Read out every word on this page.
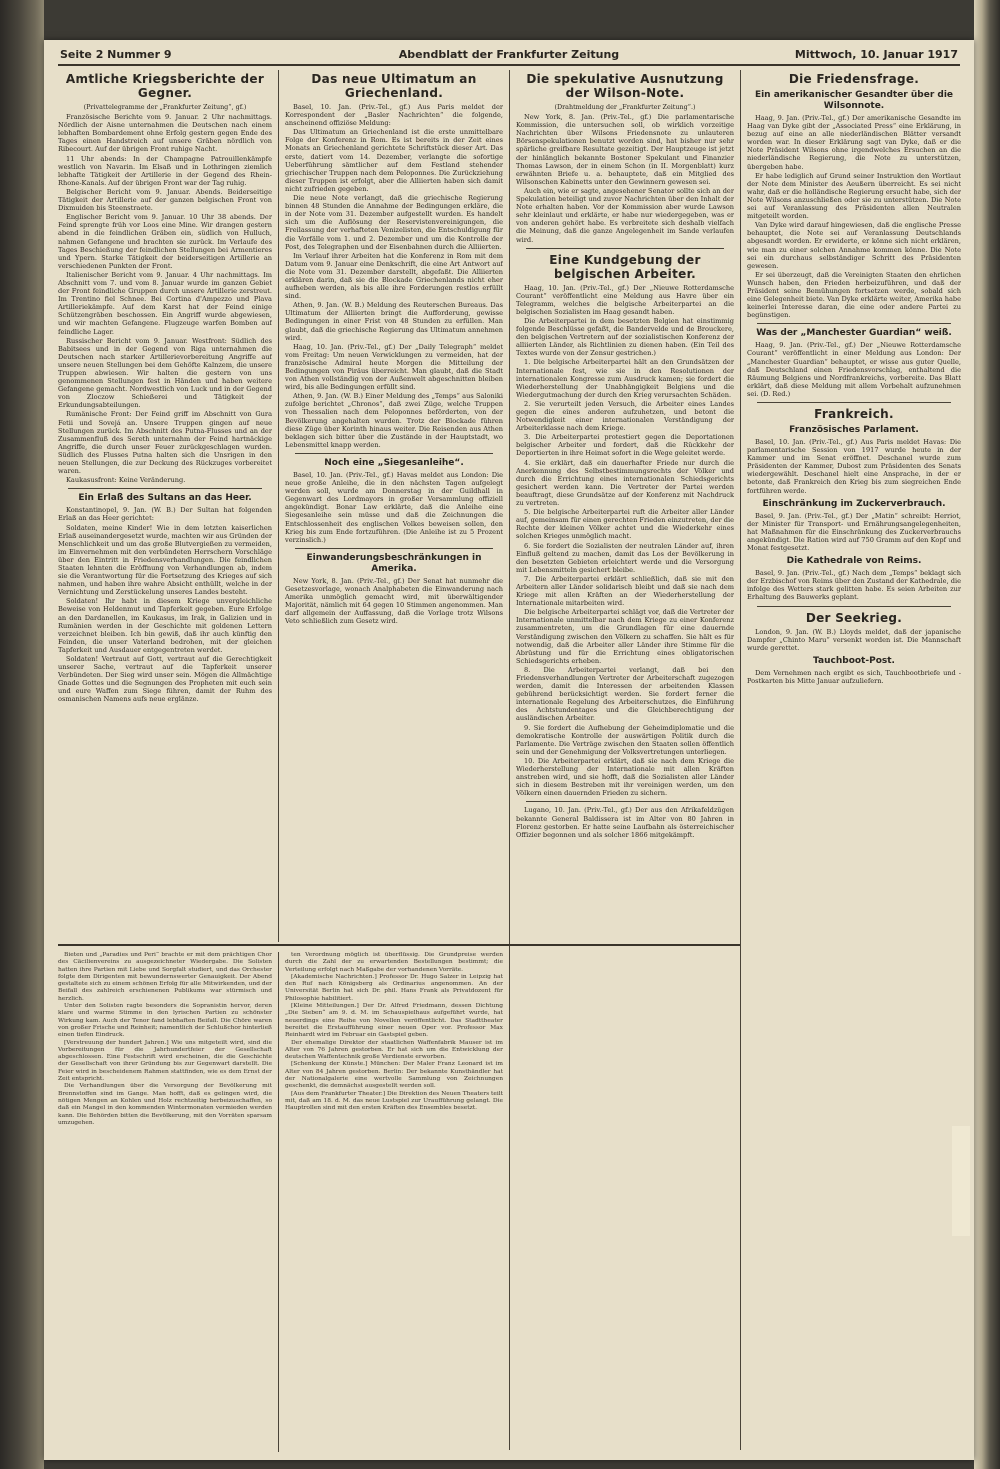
Seite 2 Nummer 9	Abendblatt der Frankfurter Zeitung	Mittwoch, 10. Januar 1917
Amtliche Kriegsberichte der Gegner.
(Privattelegramme der „Frankfurter Zeitung“, gf.)

Französische Berichte vom 9. Januar. 2 Uhr nachmittags. Nördlich der Aisne unternahmen die Deutschen nach einem lebhaften Bombardement ohne Erfolg gestern gegen Ende des Tages einen Handstreich auf unsere Gräben nördlich von Ribecourt. Auf der übrigen Front ruhige Nacht.

11 Uhr abends: In der Champagne Patrouillenkämpfe westlich von Navarin. Im Elsaß und in Lothringen ziemlich lebhafte Tätigkeit der Artillerie in der Gegend des Rhein-Rhone-Kanals. Auf der übrigen Front war der Tag ruhig.

Belgischer Bericht vom 9. Januar. Abends. Beiderseitige Tätigkeit der Artillerie auf der ganzen belgischen Front von Dixmuiden bis Steenstraete.

Englischer Bericht vom 9. Januar. 10 Uhr 38 abends. Der Feind sprengte früh vor Loos eine Mine. Wir drangen gestern abend in die feindlichen Gräben ein, südlich von Hulluch, nahmen Gefangene und brachten sie zurück. Im Verlaufe des Tages Beschießung der feindlichen Stellungen bei Armentieres und Ypern. Starke Tätigkeit der beiderseitigen Artillerie an verschiedenen Punkten der Front.

Italienischer Bericht vom 9. Januar. 4 Uhr nachmittags. Im Abschnitt vom 7. und vom 8. Januar wurde im ganzen Gebiet der Front feindliche Gruppen durch unsere Artillerie zerstreut. Im Trentino fiel Schnee. Bei Cortina d'Ampezzo und Plava Artilleriekämpfe. Auf dem Karst hat der Feind einige Schützengräben beschossen. Ein Angriff wurde abgewiesen, und wir machten Gefangene. Flugzeuge warfen Bomben auf feindliche Lager.

Russischer Bericht vom 9. Januar. Westfront: Südlich des Babitsees und in der Gegend von Riga unternahmen die Deutschen nach starker Artillerievorbereitung Angriffe auf unsere neuen Stellungen bei dem Gehöfte Kalnzem, die unsere Truppen abwiesen. Wir halten die gestern von uns genommenen Stellungen fest in Händen und haben weitere Gefangene gemacht. Nordwestlich von Luck und in der Gegend von Zloczow Schießerei und Tätigkeit der Erkundungsabteilungen.

Rumänische Front: Der Feind griff im Abschnitt von Gura Fetii und Sovejá an. Unsere Truppen gingen auf neue Stellungen zurück. Im Abschnitt des Putna-Flusses und an der Zusammenfluß des Sereth unternahm der Feind hartnäckige Angriffe, die durch unser Feuer zurückgeschlagen wurden. Südlich des Flusses Putna halten sich die Unsrigen in den neuen Stellungen, die zur Deckung des Rückzuges vorbereitet waren.

Kaukasusfront: Keine Veränderung.

Ein Erlaß des Sultans an das Heer.

Konstantinopel, 9. Jan. (W. B.) Der Sultan hat folgenden Erlaß an das Heer gerichtet:

Soldaten, meine Kinder! Wie in dem letzten kaiserlichen Erlaß auseinandergesetzt wurde, machten wir aus Gründen der Menschlichkeit und um das große Blutvergießen zu vermeiden, im Einvernehmen mit den verbündeten Herrschern Vorschläge über den Eintritt in Friedensverhandlungen. Die feindlichen Staaten lehnten die Eröffnung von Verhandlungen ab, indem sie die Verantwortung für die Fortsetzung des Krieges auf sich nahmen, und haben ihre wahre Absicht enthüllt, welche in der Vernichtung und Zerstückelung unseres Landes besteht.

Soldaten! Ihr habt in diesem Kriege unvergleichliche Beweise von Heldenmut und Tapferkeit gegeben. Eure Erfolge an den Dardanellen, im Kaukasus, im Irak, in Galizien und in Rumänien werden in der Geschichte mit goldenen Lettern verzeichnet bleiben. Ich bin gewiß, daß ihr auch künftig den Feinden, die unser Vaterland bedrohen, mit der gleichen Tapferkeit und Ausdauer entgegentreten werdet.

Soldaten! Vertraut auf Gott, vertraut auf die Gerechtigkeit unserer Sache, vertraut auf die Tapferkeit unserer Verbündeten. Der Sieg wird unser sein. Mögen die Allmächtige Gnade Gottes und die Segnungen des Propheten mit euch sein und eure Waffen zum Siege führen, damit der Ruhm des osmanischen Namens aufs neue erglänze.

Das neue Ultimatum an Griechenland.

Basel, 10. Jan. (Priv.-Tel., gf.) Aus Paris meldet der Korrespondent der „Basler Nachrichten“ die folgende, anscheinend offiziöse Meldung:

Das Ultimatum an Griechenland ist die erste unmittelbare Folge der Konferenz in Rom. Es ist bereits in der Zeit eines Monats an Griechenland gerichtete Schriftstück dieser Art. Das erste, datiert vom 14. Dezember, verlangte die sofortige Ueberführung sämtlicher auf dem Festland stehender griechischer Truppen nach dem Peloponnes. Die Zurückziehung dieser Truppen ist erfolgt, aber die Alliierten haben sich damit nicht zufrieden gegeben.

Die neue Note verlangt, daß die griechische Regierung binnen 48 Stunden die Annahme der Bedingungen erkläre, die in der Note vom 31. Dezember aufgestellt wurden. Es handelt sich um die Auflösung der Reservistenvereinigungen, die Freilassung der verhafteten Venizelisten, die Entschuldigung für die Vorfälle vom 1. und 2. Dezember und um die Kontrolle der Post, des Telegraphen und der Eisenbahnen durch die Alliierten.

Im Verlauf ihrer Arbeiten hat die Konferenz in Rom mit dem Datum vom 9. Januar eine Denkschrift, die eine Art Antwort auf die Note vom 31. Dezember darstellt, abgefaßt. Die Alliierten erklären darin, daß sie die Blockade Griechenlands nicht eher aufheben werden, als bis alle ihre Forderungen restlos erfüllt sind.

Athen, 9. Jan. (W. B.) Meldung des Reuterschen Bureaus. Das Ultimatum der Alliierten bringt die Aufforderung, gewisse Bedingungen in einer Frist von 48 Stunden zu erfüllen. Man glaubt, daß die griechische Regierung das Ultimatum annehmen wird.

Haag, 10. Jan. (Priv.-Tel., gf.) Der „Daily Telegraph“ meldet vom Freitag: Um neuen Verwicklungen zu vermeiden, hat der französische Admiral heute Morgen die Mitteilung der Bedingungen von Piräus überreicht. Man glaubt, daß die Stadt von Athen vollständig von der Außenwelt abgeschnitten bleiben wird, bis alle Bedingungen erfüllt sind.

Athen, 9. Jan. (W. B.) Einer Meldung des „Temps“ aus Saloniki zufolge berichtet „Chronos“, daß zwei Züge, welche Truppen von Thessalien nach dem Peloponnes beförderten, von der Bevölkerung angehalten wurden. Trotz der Blockade führen diese Züge über Korinth hinaus weiter. Die Reisenden aus Athen beklagen sich bitter über die Zustände in der Hauptstadt, wo Lebensmittel knapp werden.

Noch eine „Siegesanleihe“.

Basel, 10. Jan. (Priv.-Tel., gf.) Havas meldet aus London: Die neue große Anleihe, die in den nächsten Tagen aufgelegt werden soll, wurde am Donnerstag in der Guildhall in Gegenwart des Lordmayors in großer Versammlung offiziell angekündigt. Bonar Law erklärte, daß die Anleihe eine Siegesanleihe sein müsse und daß die Zeichnungen die Entschlossenheit des englischen Volkes beweisen sollen, den Krieg bis zum Ende fortzuführen. (Die Anleihe ist zu 5 Prozent verzinslich.)

Einwanderungsbeschränkungen in Amerika.

New York, 8. Jan. (Priv.-Tel., gf.) Der Senat hat nunmehr die Gesetzesvorlage, wonach Analphabeten die Einwanderung nach Amerika unmöglich gemacht wird, mit überwältigender Majorität, nämlich mit 64 gegen 10 Stimmen angenommen. Man darf allgemein der Auffassung, daß die Vorlage trotz Wilsons Veto schließlich zum Gesetz wird.

Die spekulative Ausnutzung der Wilson-Note.
(Drahtmeldung der „Frankfurter Zeitung“.)

New York, 8. Jan. (Priv.-Tel., gf.) Die parlamentarische Kommission, die untersuchen soll, ob wirklich vorzeitige Nachrichten über Wilsons Friedensnote zu unlauteren Börsenspekulationen benutzt worden sind, hat bisher nur sehr spärliche greifbare Resultate gezeitigt. Der Hauptzeuge ist jetzt der hinlänglich bekannte Bostoner Spekulant und Finanzier Thomas Lawson, der in einem Schon (in II. Morgenblatt) kurz erwähnten Briefe u. a. behauptete, daß ein Mitglied des Wilsonschen Kabinetts unter den Gewinnern gewesen sei.

Auch ein, wie er sagte, angesehener Senator sollte sich an der Spekulation beteiligt und zuvor Nachrichten über den Inhalt der Note erhalten haben. Vor der Kommission aber wurde Lawson sehr kleinlaut und erklärte, er habe nur wiedergegeben, was er von anderen gehört habe. Es verbreitete sich deshalb vielfach die Meinung, daß die ganze Angelegenheit im Sande verlaufen wird.

Eine Kundgebung der belgischen Arbeiter.

Haag, 10. Jan. (Priv.-Tel., gf.) Der „Nieuwe Rotterdamsche Courant“ veröffentlicht eine Meldung aus Havre über ein Telegramm, welches die belgische Arbeiterpartei an die belgischen Sozialisten im Haag gesandt haben.

Die Arbeiterpartei in dem besetzten Belgien hat einstimmig folgende Beschlüsse gefaßt, die Bandervelde und de Brouckere, den belgischen Vertretern auf der sozialistischen Konferenz der alliierten Länder, als Richtlinien zu dienen haben. (Ein Teil des Textes wurde von der Zensur gestrichen.)

1. Die belgische Arbeiterpartei hält an den Grundsätzen der Internationale fest, wie sie in den Resolutionen der internationalen Kongresse zum Ausdruck kamen; sie fordert die Wiederherstellung der Unabhängigkeit Belgiens und die Wiedergutmachung der durch den Krieg verursachten Schäden.

2. Sie verurteilt jeden Versuch, die Arbeiter eines Landes gegen die eines anderen aufzuhetzen, und betont die Notwendigkeit einer internationalen Verständigung der Arbeiterklasse nach dem Kriege.

3. Die Arbeiterpartei protestiert gegen die Deportationen belgischer Arbeiter und fordert, daß die Rückkehr der Deportierten in ihre Heimat sofort in die Wege geleitet werde.

4. Sie erklärt, daß ein dauerhafter Friede nur durch die Anerkennung des Selbstbestimmungsrechts der Völker und durch die Errichtung eines internationalen Schiedsgerichts gesichert werden kann. Die Vertreter der Partei werden beauftragt, diese Grundsätze auf der Konferenz mit Nachdruck zu vertreten.

5. Die belgische Arbeiterpartei ruft die Arbeiter aller Länder auf, gemeinsam für einen gerechten Frieden einzutreten, der die Rechte der kleinen Völker achtet und die Wiederkehr eines solchen Krieges unmöglich macht.

6. Sie fordert die Sozialisten der neutralen Länder auf, ihren Einfluß geltend zu machen, damit das Los der Bevölkerung in den besetzten Gebieten erleichtert werde und die Versorgung mit Lebensmitteln gesichert bleibe.

7. Die Arbeiterpartei erklärt schließlich, daß sie mit den Arbeitern aller Länder solidarisch bleibt und daß sie nach dem Kriege mit allen Kräften an der Wiederherstellung der Internationale mitarbeiten wird.

Die belgische Arbeiterpartei schlägt vor, daß die Vertreter der Internationale unmittelbar nach dem Kriege zu einer Konferenz zusammentreten, um die Grundlagen für eine dauernde Verständigung zwischen den Völkern zu schaffen. Sie hält es für notwendig, daß die Arbeiter aller Länder ihre Stimme für die Abrüstung und für die Errichtung eines obligatorischen Schiedsgerichts erheben.

8. Die Arbeiterpartei verlangt, daß bei den Friedensverhandlungen Vertreter der Arbeiterschaft zugezogen werden, damit die Interessen der arbeitenden Klassen gebührend berücksichtigt werden. Sie fordert ferner die internationale Regelung des Arbeiterschutzes, die Einführung des Achtstundentages und die Gleichberechtigung der ausländischen Arbeiter.

9. Sie fordert die Aufhebung der Geheimdiplomatie und die demokratische Kontrolle der auswärtigen Politik durch die Parlamente. Die Verträge zwischen den Staaten sollen öffentlich sein und der Genehmigung der Volksvertretungen unterliegen.

10. Die Arbeiterpartei erklärt, daß sie nach dem Kriege die Wiederherstellung der Internationale mit allen Kräften anstreben wird, und sie hofft, daß die Sozialisten aller Länder sich in diesem Bestreben mit ihr vereinigen werden, um den Völkern einen dauernden Frieden zu sichern.

Lugano, 10. Jan. (Priv.-Tel., gf.) Der aus den Afrikafeldzügen bekannte General Baldissera ist im Alter von 80 Jahren in Florenz gestorben. Er hatte seine Laufbahn als österreichischer Offizier begonnen und als solcher 1866 mitgekämpft.

Die Friedensfrage.
Ein amerikanischer Gesandter über die Wilsonnote.

Haag, 9. Jan. (Priv.-Tel., gf.) Der amerikanische Gesandte im Haag van Dyke gibt der „Associated Press“ eine Erklärung, in bezug auf eine an alle niederländischen Blätter versandt worden war. In dieser Erklärung sagt van Dyke, daß er die Note Präsident Wilsons ohne irgendwelches Ersuchen an die niederländische Regierung, die Note zu unterstützen, übergeben habe.

Er habe lediglich auf Grund seiner Instruktion den Wortlaut der Note dem Minister des Aeußern überreicht. Es sei nicht wahr, daß er die holländische Regierung ersucht habe, sich der Note Wilsons anzuschließen oder sie zu unterstützen. Die Note sei auf Veranlassung des Präsidenten allen Neutralen mitgeteilt worden.

Van Dyke wird darauf hingewiesen, daß die englische Presse behauptet, die Note sei auf Veranlassung Deutschlands abgesandt worden. Er erwiderte, er könne sich nicht erklären, wie man zu einer solchen Annahme kommen könne. Die Note sei ein durchaus selbständiger Schritt des Präsidenten gewesen.

Er sei überzeugt, daß die Vereinigten Staaten den ehrlichen Wunsch haben, den Frieden herbeizuführen, und daß der Präsident seine Bemühungen fortsetzen werde, sobald sich eine Gelegenheit biete. Van Dyke erklärte weiter, Amerika habe keinerlei Interesse daran, die eine oder andere Partei zu begünstigen.

Was der „Manchester Guardian“ weiß.

Haag, 9. Jan. (Priv.-Tel., gf.) Der „Nieuwe Rotterdamsche Courant“ veröffentlicht in einer Meldung aus London: Der „Manchester Guardian“ behauptet, er wisse aus guter Quelle, daß Deutschland einen Friedensvorschlag, enthaltend die Räumung Belgiens und Nordfrankreichs, vorbereite. Das Blatt erklärt, daß diese Meldung mit allem Vorbehalt aufzunehmen sei. (D. Red.)

Frankreich.
Französisches Parlament.

Basel, 10. Jan. (Priv.-Tel., gf.) Aus Paris meldet Havas: Die parlamentarische Session von 1917 wurde heute in der Kammer und im Senat eröffnet. Deschanel wurde zum Präsidenten der Kammer, Dubost zum Präsidenten des Senats wiedergewählt. Deschanel hielt eine Ansprache, in der er betonte, daß Frankreich den Krieg bis zum siegreichen Ende fortführen werde.

Einschränkung im Zuckerverbrauch.

Basel, 9. Jan. (Priv.-Tel., gf.) Der „Matin“ schreibt: Herriot, der Minister für Transport- und Ernährungsangelegenheiten, hat Maßnahmen für die Einschränkung des Zuckerverbrauchs angekündigt. Die Ration wird auf 750 Gramm auf den Kopf und Monat festgesetzt.

Die Kathedrale von Reims.

Basel, 9. Jan. (Priv.-Tel., gf.) Nach dem „Temps“ beklagt sich der Erzbischof von Reims über den Zustand der Kathedrale, die infolge des Wetters stark gelitten habe. Es seien Arbeiten zur Erhaltung des Bauwerks geplant.

Der Seekrieg.

London, 9. Jan. (W. B.) Lloyds meldet, daß der japanische Dampfer „Chinto Maru“ versenkt worden ist. Die Mannschaft wurde gerettet.

Tauchboot-Post.

Dem Vernehmen nach ergibt es sich, Tauchbootbriefe und -Postkarten bis Mitte Januar aufzuliefern.

Bieten und „Paradies und Peri“ brachte er mit dem prächtigen Chor des Cäcilienvereins zu ausgezeichneter Wiedergabe. Die Solisten hatten ihre Partien mit Liebe und Sorgfalt studiert, und das Orchester folgte dem Dirigenten mit bewundernswerter Genauigkeit. Der Abend gestaltete sich zu einem schönen Erfolg für alle Mitwirkenden, und der Beifall des zahlreich erschienenen Publikums war stürmisch und herzlich.

Unter den Solisten ragte besonders die Sopranistin hervor, deren klare und warme Stimme in den lyrischen Partien zu schönster Wirkung kam. Auch der Tenor fand lebhaften Beifall. Die Chöre waren von großer Frische und Reinheit; namentlich der Schlußchor hinterließ einen tiefen Eindruck.

[Verstreuung der hundert Jahren.] Wie uns mitgeteilt wird, sind die Vorbereitungen für die Jahrhundertfeier der Gesellschaft abgeschlossen. Eine Festschrift wird erscheinen, die die Geschichte der Gesellschaft von ihrer Gründung bis zur Gegenwart darstellt. Die Feier wird in bescheidenem Rahmen stattfinden, wie es dem Ernst der Zeit entspricht.

Die Verhandlungen über die Versorgung der Bevölkerung mit Brennstoffen sind im Gange. Man hofft, daß es gelingen wird, die nötigen Mengen an Kohlen und Holz rechtzeitig herbeizuschaffen, so daß ein Mangel in den kommenden Wintermonaten vermieden werden kann. Die Behörden bitten die Bevölkerung, mit den Vorräten sparsam umzugehen.

ten Verordnung möglich ist überflüssig. Die Grundpreise werden durch die Zahl der zu erwartenden Bestellungen bestimmt; die Verteilung erfolgt nach Maßgabe der vorhandenen Vorräte.

[Akademische Nachrichten.] Professor Dr. Hugo Salzer in Leipzig hat den Ruf nach Königsberg als Ordinarius angenommen. An der Universität Berlin hat sich Dr. phil. Hans Frank als Privatdozent für Philosophie habilitiert.

[Kleine Mitteilungen.] Der Dr. Alfred Friedmann, dessen Dichtung „Die Sieben“ am 9. d. M. im Schauspielhaus aufgeführt wurde, hat neuerdings eine Reihe von Novellen veröffentlicht. Das Stadttheater bereitet die Erstaufführung einer neuen Oper vor. Professor Max Reinhardt wird im Februar ein Gastspiel geben.

Der ehemalige Direktor der staatlichen Waffenfabrik Mauser ist im Alter von 76 Jahren gestorben. Er hat sich um die Entwicklung der deutschen Waffentechnik große Verdienste erworben.

[Schenkung der Künste.] München: Der Maler Franz Leonard ist im Alter von 84 Jahren gestorben. Berlin: Der bekannte Kunsthändler hat der Nationalgalerie eine wertvolle Sammlung von Zeichnungen geschenkt, die demnächst ausgestellt werden soll.

[Aus dem Frankfurter Theater.] Die Direktion des Neuen Theaters teilt mit, daß am 18. d. M. das neue Lustspiel zur Uraufführung gelangt. Die Hauptrollen sind mit den ersten Kräften des Ensembles besetzt.
